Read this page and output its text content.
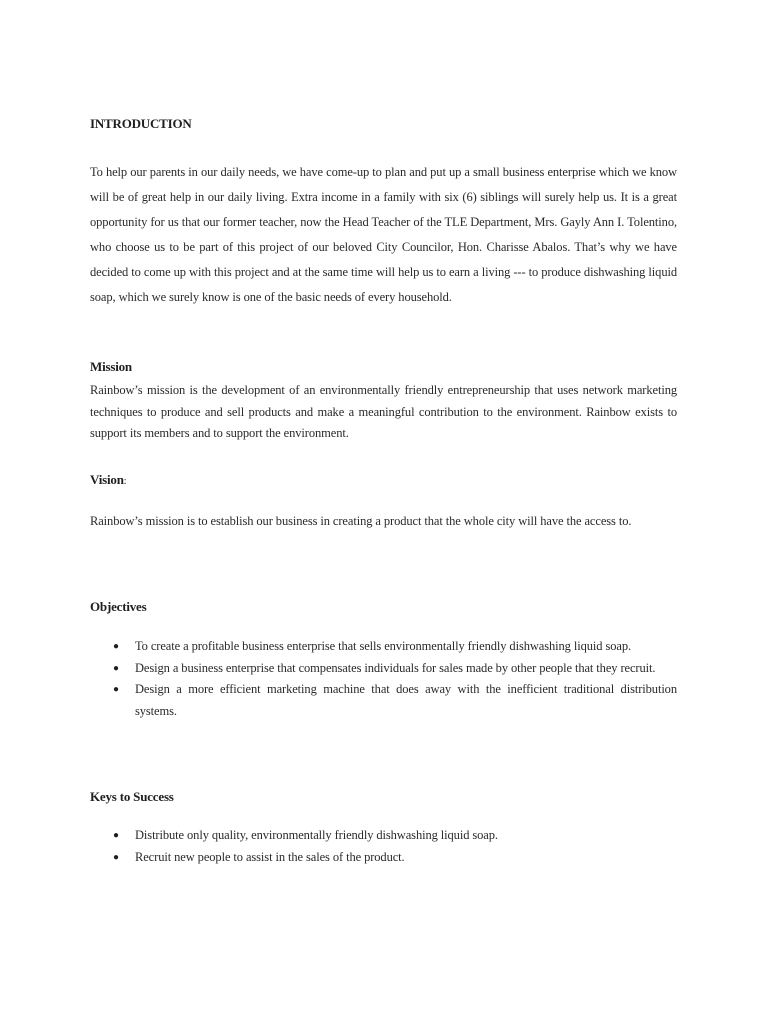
INTRODUCTION
To help our parents in our daily needs, we have come-up to plan and put up a small business enterprise which we know will be of great help in our daily living. Extra income in a family with six (6) siblings will surely help us. It is a great opportunity for us that our former teacher, now the Head Teacher of the TLE Department, Mrs. Gayly Ann I. Tolentino, who choose us to be part of this project of our beloved City Councilor, Hon. Charisse Abalos. That’s why we have decided to come up with this project and at the same time will help us to earn a living --- to produce dishwashing liquid soap, which we surely know is one of the basic needs of every household.
Mission
Rainbow’s mission is the development of an environmentally friendly entrepreneurship that uses network marketing techniques to produce and sell products and make a meaningful contribution to the environment. Rainbow exists to support its members and to support the environment.
Vision:
Rainbow’s mission is to establish our business in creating a product that the whole city will have the access to.
Objectives
● To create a profitable business enterprise that sells environmentally friendly dishwashing liquid soap.
● Design a business enterprise that compensates individuals for sales made by other people that they recruit.
● Design a more efficient marketing machine that does away with the inefficient traditional distribution systems.
Keys to Success
● Distribute only quality, environmentally friendly dishwashing liquid soap.
● Recruit new people to assist in the sales of the product.
